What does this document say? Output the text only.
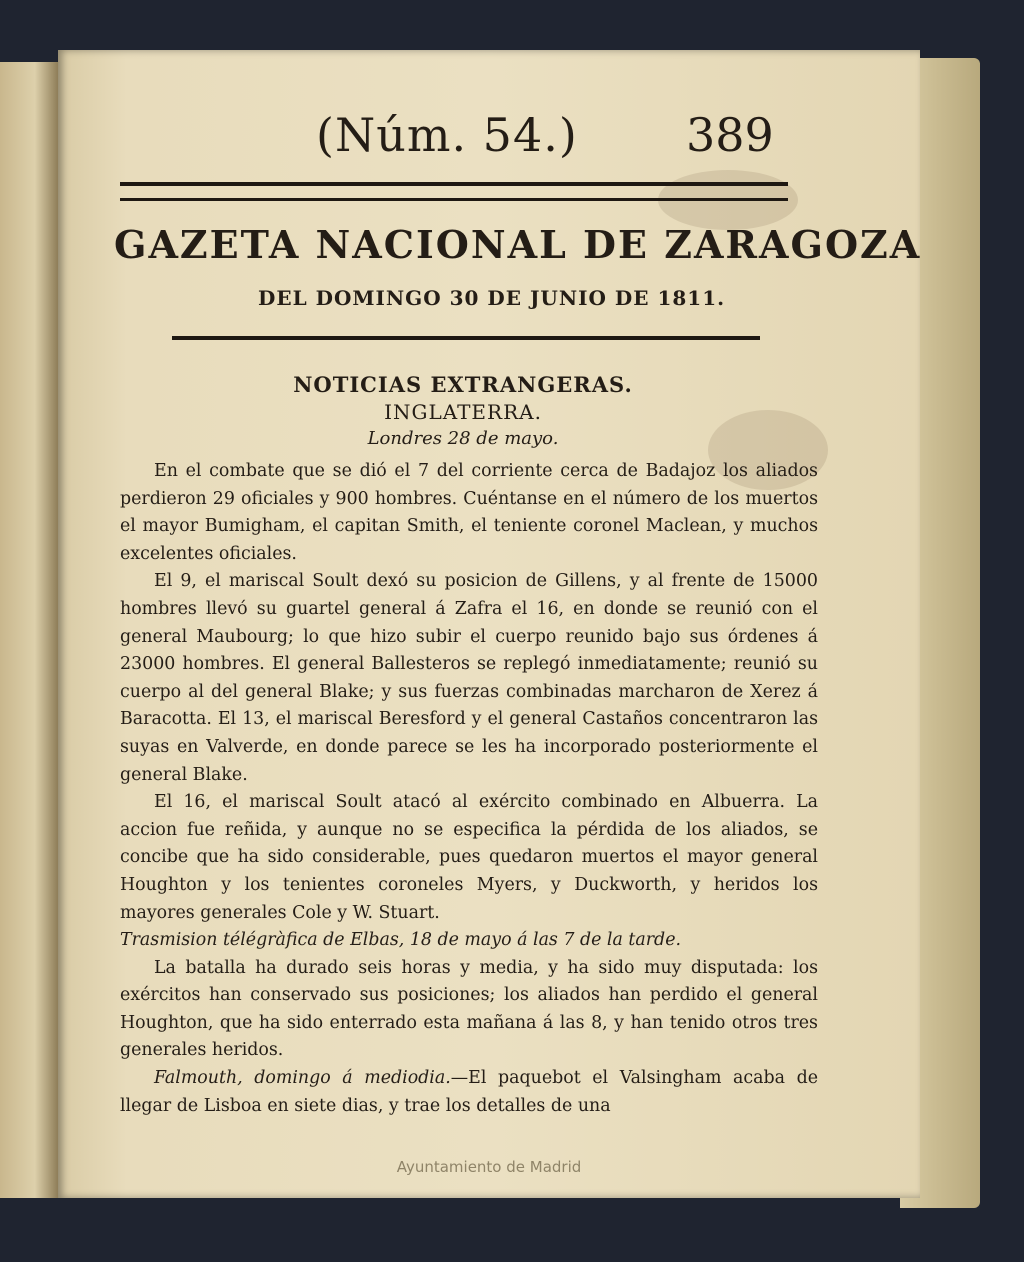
(Núm. 54.) 389
GAZETA NACIONAL DE ZARAGOZA
DEL DOMINGO 30 DE JUNIO DE 1811.
NOTICIAS EXTRANGERAS.
INGLATERRA.
Londres 28 de mayo.

En el combate que se dió el 7 del corriente cerca de Badajoz los aliados perdieron 29 oficiales y 900 hombres. Cuéntanse en el número de los muertos el mayor Bumigham, el capitan Smith, el teniente coronel Maclean, y muchos excelentes oficiales.

El 9, el mariscal Soult dexó su posicion de Gillens, y al frente de 15000 hombres llevó su guartel general á Zafra el 16, en donde se reunió con el general Maubourg; lo que hizo subir el cuerpo reunido bajo sus órdenes á 23000 hombres. El general Ballesteros se replegó inmediatamente; reunió su cuerpo al del general Blake; y sus fuerzas combinadas marcharon de Xerez á Baracotta. El 13, el mariscal Beresford y el general Castaños concentraron las suyas en Valverde, en donde parece se les ha incorporado posteriormente el general Blake.

El 16, el mariscal Soult atacó al exército combinado en Albuerra. La accion fue reñida, y aunque no se especifica la pérdida de los aliados, se concibe que ha sido considerable, pues quedaron muertos el mayor general Houghton y los tenientes coroneles Myers, y Duckworth, y heridos los mayores generales Cole y W. Stuart.

Trasmision télégràfica de Elbas, 18 de mayo á las 7 de la tarde.

La batalla ha durado seis horas y media, y ha sido muy disputada: los exércitos han conservado sus posiciones; los aliados han perdido el general Houghton, que ha sido enterrado esta mañana á las 8, y han tenido otros tres generales heridos.

Falmouth, domingo á mediodia.—El paquebot el Valsingham acaba de llegar de Lisboa en siete dias, y trae los detalles de una

Ayuntamiento de Madrid
